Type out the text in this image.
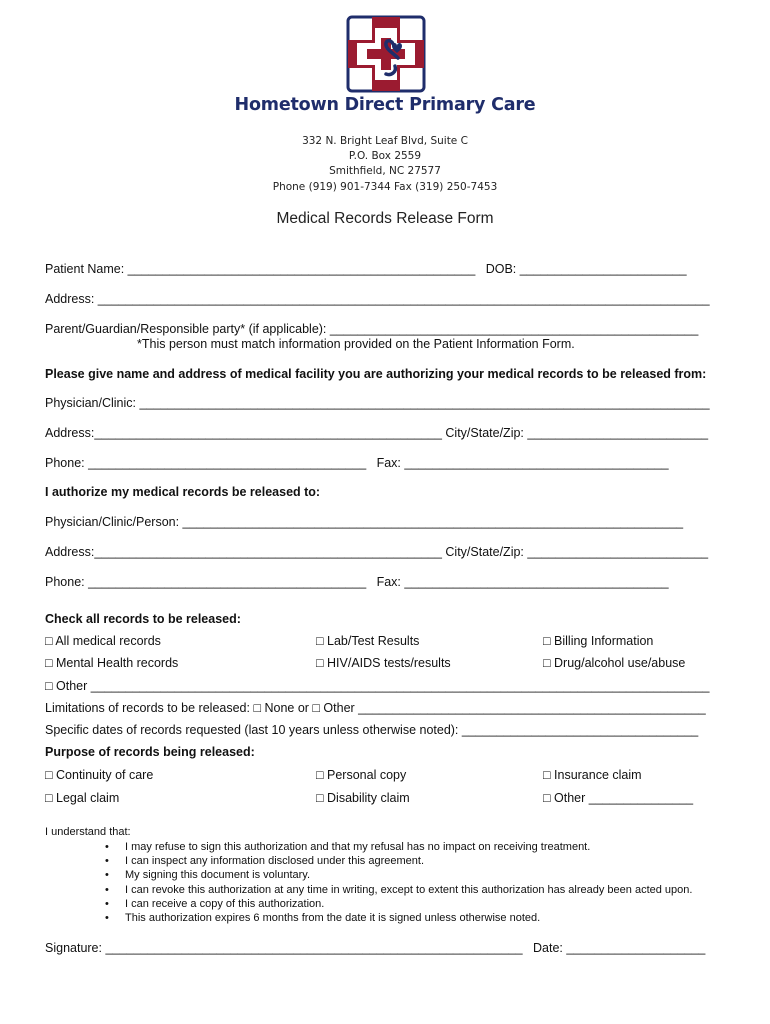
Hometown Direct Primary Care
332 N. Bright Leaf Blvd, Suite C
P.O. Box 2559
Smithfield, NC 27577
Phone (919) 901-7344 Fax (319) 250-7453
Medical Records Release Form
Patient Name: __________________________________________________   DOB: ________________________
Address: ________________________________________________________________________________________
Parent/Guardian/Responsible party* (if applicable): _____________________________________________________
*This person must match information provided on the Patient Information Form.
Please give name and address of medical facility you are authorizing your medical records to be released from:
Physician/Clinic: __________________________________________________________________________________
Address:__________________________________________________ City/State/Zip: __________________________
Phone: ________________________________________   Fax: ______________________________________
I authorize my medical records be released to:
Physician/Clinic/Person: ________________________________________________________________________
Address:__________________________________________________ City/State/Zip: __________________________
Phone: ________________________________________   Fax: ______________________________________
Check all records to be released:
□ All medical records	□ Lab/Test Results	□ Billing Information
□ Mental Health records	□ HIV/AIDS tests/results	□ Drug/alcohol use/abuse
□ Other _________________________________________________________________________________________
Limitations of records to be released: □ None or □ Other __________________________________________________
Specific dates of records requested (last 10 years unless otherwise noted): __________________________________
Purpose of records being released:
□ Continuity of care	□ Personal copy	□ Insurance claim
□ Legal claim	□ Disability claim	□ Other _______________
I understand that:
• I may refuse to sign this authorization and that my refusal has no impact on receiving treatment.
• I can inspect any information disclosed under this agreement.
• My signing this document is voluntary.
• I can revoke this authorization at any time in writing, except to extent this authorization has already been acted upon.
• I can receive a copy of this authorization.
• This authorization expires 6 months from the date it is signed unless otherwise noted.
Signature: ____________________________________________________________   Date: ____________________
